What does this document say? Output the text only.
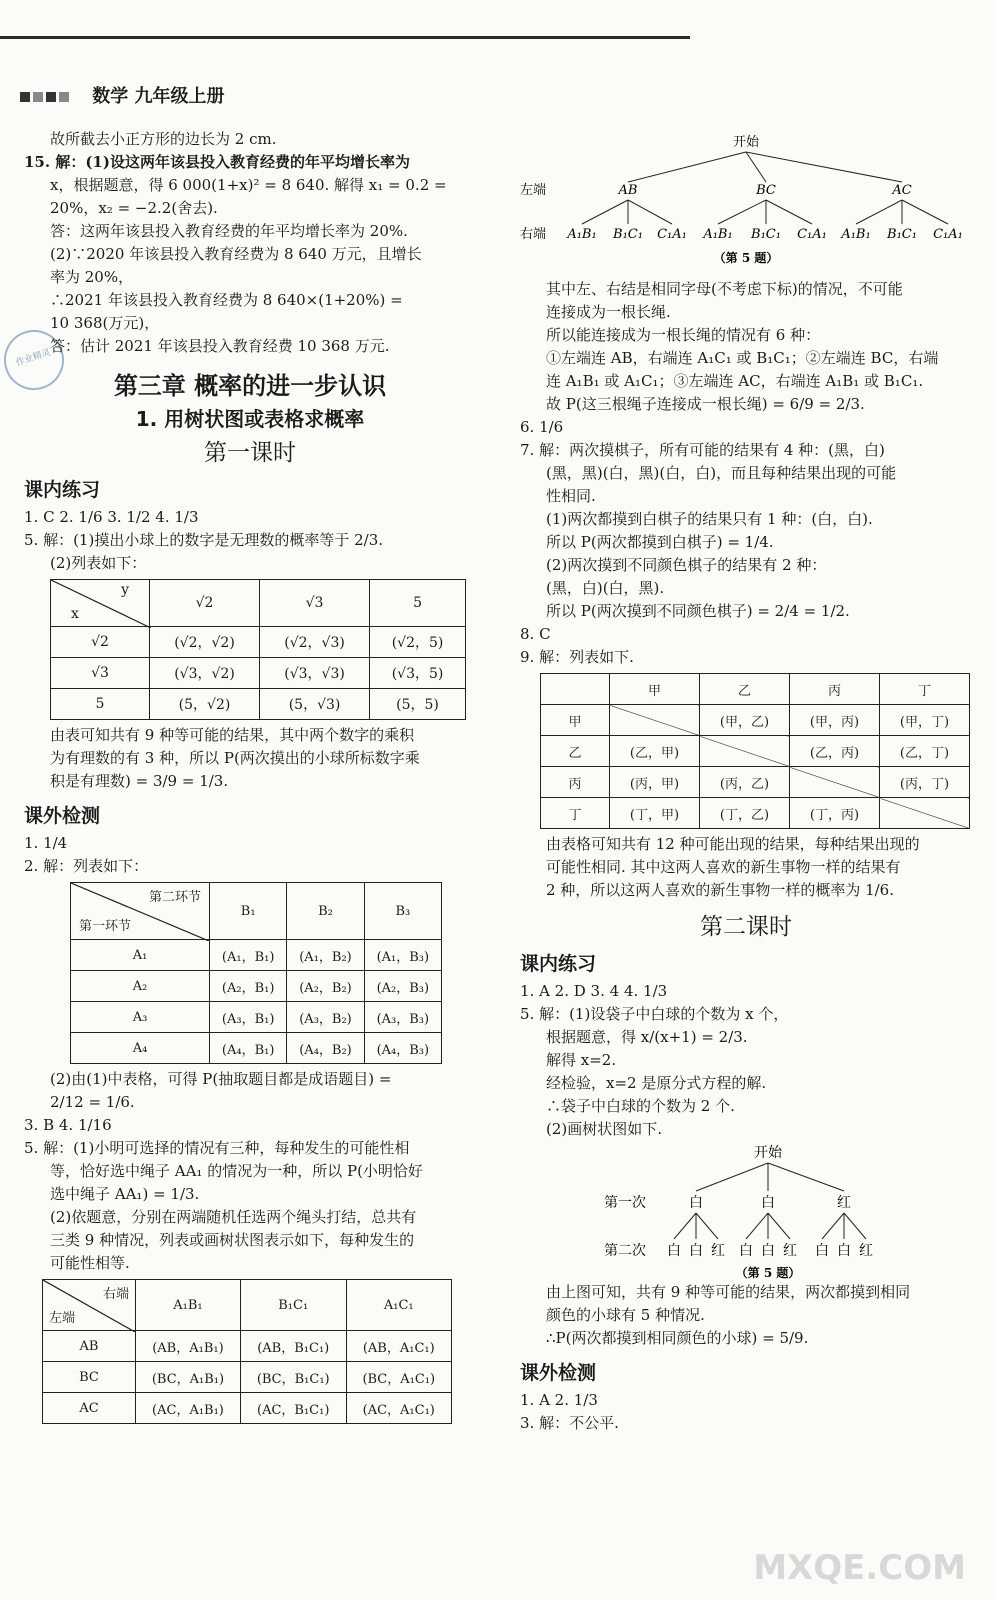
数学 九年级上册
作业精灵

故所截去小正方形的边长为 2 cm.

15. 解：(1)设这两年该县投入教育经费的年平均增长率为

x，根据题意，得 6 000(1+x)² = 8 640. 解得 x₁ = 0.2 =

20%，x₂ = −2.2(舍去).

答：这两年该县投入教育经费的年平均增长率为 20%.

(2)∵2020 年该县投入教育经费为 8 640 万元，且增长

率为 20%，

∴2021 年该县投入教育经费为 8 640×(1+20%) =

10 368(万元)，

答：估计 2021 年该县投入教育经费 10 368 万元.

第三章 概率的进一步认识
1. 用树状图或表格求概率
第一课时
课内练习

1. C 2. 1/6 3. 1/2 4. 1/3

5. 解：(1)摸出小球上的数字是无理数的概率等于 2/3.

(2)列表如下：

y
x	√2	√3	5
√2	(√2，√2)	(√2，√3)	(√2，5)
√3	(√3，√2)	(√3，√3)	(√3，5)
5	(5，√2)	(5，√3)	(5，5)

由表可知共有 9 种等可能的结果，其中两个数字的乘积

为有理数的有 3 种，所以 P(两次摸出的小球所标数字乘

积是有理数) = 3/9 = 1/3.

课外检测

1. 1/4

2. 解：列表如下：

第二环节
第一环节	B₁	B₂	B₃
A₁	(A₁，B₁)	(A₁，B₂)	(A₁，B₃)
A₂	(A₂，B₁)	(A₂，B₂)	(A₂，B₃)
A₃	(A₃，B₁)	(A₃，B₂)	(A₃，B₃)
A₄	(A₄，B₁)	(A₄，B₂)	(A₄，B₃)

(2)由(1)中表格，可得 P(抽取题目都是成语题目) =

2/12 = 1/6.

3. B 4. 1/16

5. 解：(1)小明可选择的情况有三种，每种发生的可能性相

等，恰好选中绳子 AA₁ 的情况为一种，所以 P(小明恰好

选中绳子 AA₁) = 1/3.

(2)依题意，分别在两端随机任选两个绳头打结，总共有

三类 9 种情况，列表或画树状图表示如下，每种发生的

可能性相等.

右端
左端	A₁B₁	B₁C₁	A₁C₁
AB	(AB，A₁B₁)	(AB，B₁C₁)	(AB，A₁C₁)
BC	(BC，A₁B₁)	(BC，B₁C₁)	(BC，A₁C₁)
AC	(AC，A₁B₁)	(AC，B₁C₁)	(AC，A₁C₁)
开始
左端	AB	BC	AC
右端 A₁B₁ B₁C₁ C₁A₁ A₁B₁ B₁C₁ C₁A₁ A₁B₁ B₁C₁ C₁A₁
（第 5 题）

其中左、右结是相同字母(不考虑下标)的情况，不可能

连接成为一根长绳.

所以能连接成为一根长绳的情况有 6 种：

①左端连 AB，右端连 A₁C₁ 或 B₁C₁；②左端连 BC，右端

连 A₁B₁ 或 A₁C₁；③左端连 AC，右端连 A₁B₁ 或 B₁C₁.

故 P(这三根绳子连接成一根长绳) = 6/9 = 2/3.

6. 1/6

7. 解：两次摸棋子，所有可能的结果有 4 种：(黑，白)

(黑，黑)(白，黑)(白，白)，而且每种结果出现的可能

性相同.

(1)两次都摸到白棋子的结果只有 1 种：(白，白).

所以 P(两次都摸到白棋子) = 1/4.

(2)两次摸到不同颜色棋子的结果有 2 种：

(黑，白)(白，黑).

所以 P(两次摸到不同颜色棋子) = 2/4 = 1/2.

8. C

9. 解：列表如下.

	甲	乙	丙	丁
甲		(甲，乙)	(甲，丙)	(甲，丁)
乙	(乙，甲)		(乙，丙)	(乙，丁)
丙	(丙，甲)	(丙，乙)		(丙，丁)
丁	(丁，甲)	(丁，乙)	(丁，丙)	

由表格可知共有 12 种可能出现的结果，每种结果出现的

可能性相同. 其中这两人喜欢的新生事物一样的结果有

2 种，所以这两人喜欢的新生事物一样的概率为 1/6.

第二课时
课内练习

1. A 2. D 3. 4 4. 1/3

5. 解：(1)设袋子中白球的个数为 x 个，

根据题意，得 x/(x+1) = 2/3.

解得 x=2.

经检验，x=2 是原分式方程的解.

∴袋子中白球的个数为 2 个.

(2)画树状图如下.

开始
第一次	白	白	红
第二次 白 白 红 白 白 红 白 白 红
（第 5 题）

由上图可知，共有 9 种等可能的结果，两次都摸到相同

颜色的小球有 5 种情况.

∴P(两次都摸到相同颜色的小球) = 5/9.

课外检测

1. A 2. 1/3

3. 解：不公平.

MXQE.COM
